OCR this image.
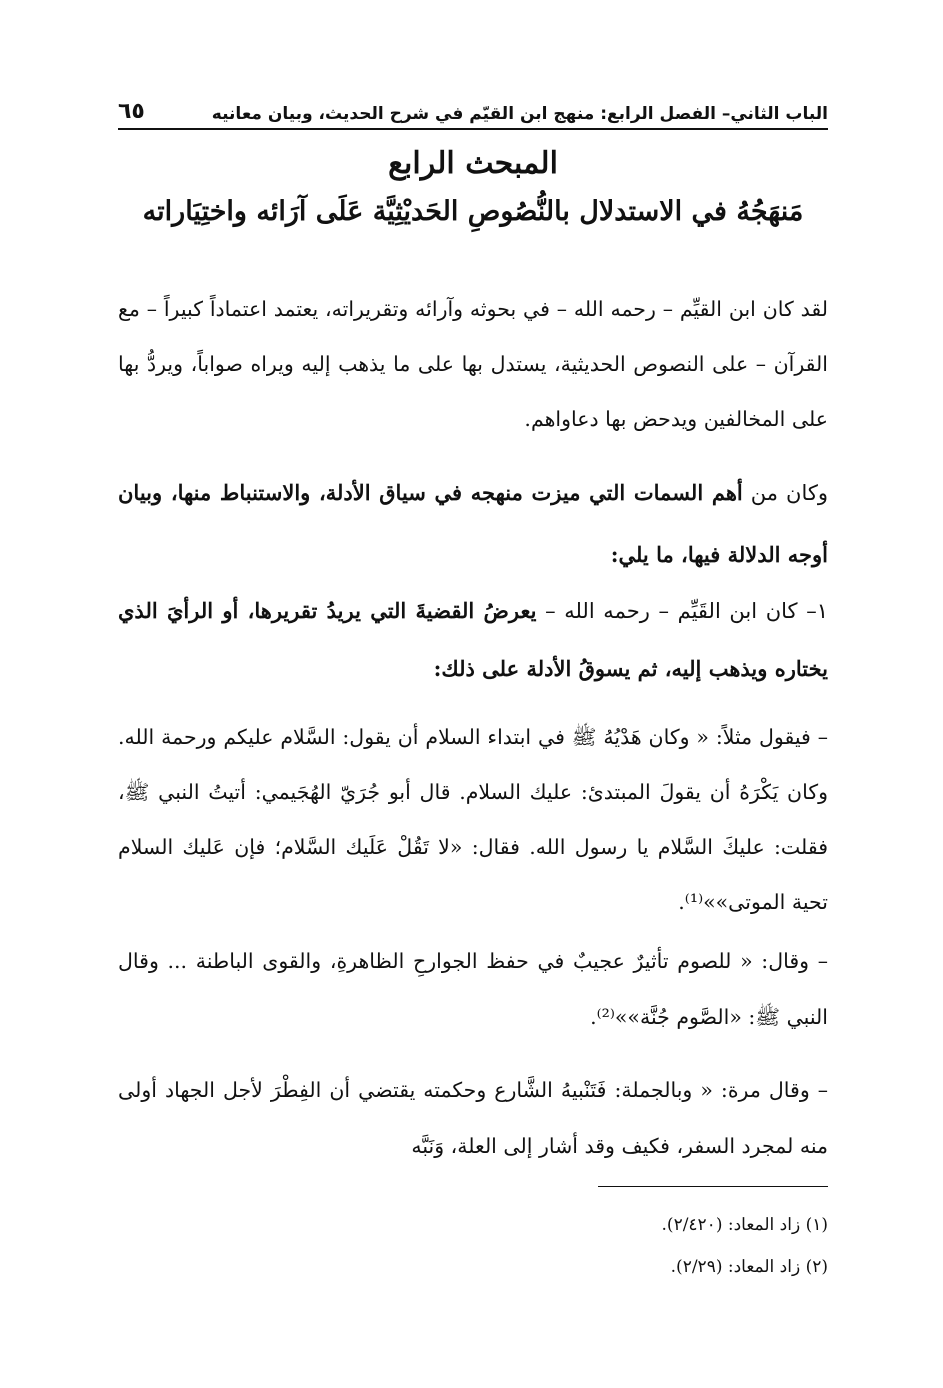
الباب الثاني– الفصل الرابع: منهج ابن القيّم في شرح الحديث، وبيان معانيه
٦٥
المبحث الرابع
مَنهَجُهُ في الاستدلال بالنُّصُوصِ الحَديْثِيَّة عَلَى آرَائه واختِيَاراته
لقد كان ابن القيِّم – رحمه الله – في بحوثه وآرائه وتقريراته، يعتمد اعتماداً كبيراً – مع القرآن – على النصوص الحديثية، يستدل بها على ما يذهب إليه ويراه صواباً، ويردُّ بها على المخالفين ويدحض بها دعاواهم.
وكان من أهم السمات التي ميزت منهجه في سياق الأدلة، والاستنباط منها، وبيان أوجه الدلالة فيها، ما يلي:
١– كان ابن القَيِّم – رحمه الله – يعرضُ القضيةَ التي يريدُ تقريرها، أو الرأيَ الذي يختاره ويذهب إليه، ثم يسوقُ الأدلة على ذلك:
– فيقول مثلاً: « وكان هَدْيُهُ ﷺ في ابتداء السلام أن يقول: السَّلام عليكم ورحمة الله. وكان يَكْرَهُ أن يقولَ المبتدئ: عليك السلام. قال أبو جُرَيّ الهُجَيمي: أتيتُ النبي ﷺ، فقلت: عليكَ السَّلام يا رسول الله. فقال: «لا تَقُلْ عَلَيك السَّلام؛ فإن عَليك السلام تحية الموتى»»⁽¹⁾.
– وقال: « للصوم تأثيرٌ عجيبٌ في حفظ الجوارحِ الظاهرةِ، والقوى الباطنة ... وقال النبي ﷺ: «الصَّوم جُنَّة»»⁽²⁾.
– وقال مرة: « وبالجملة: فَتَنْبيهُ الشَّارع وحكمته يقتضي أن الفِطْرَ لأجل الجهاد أولى منه لمجرد السفر، فكيف وقد أشار إلى العلة، وَنَبَّه
(١) زاد المعاد: (٢/٤٢٠).
(٢) زاد المعاد: (٢/٢٩).
